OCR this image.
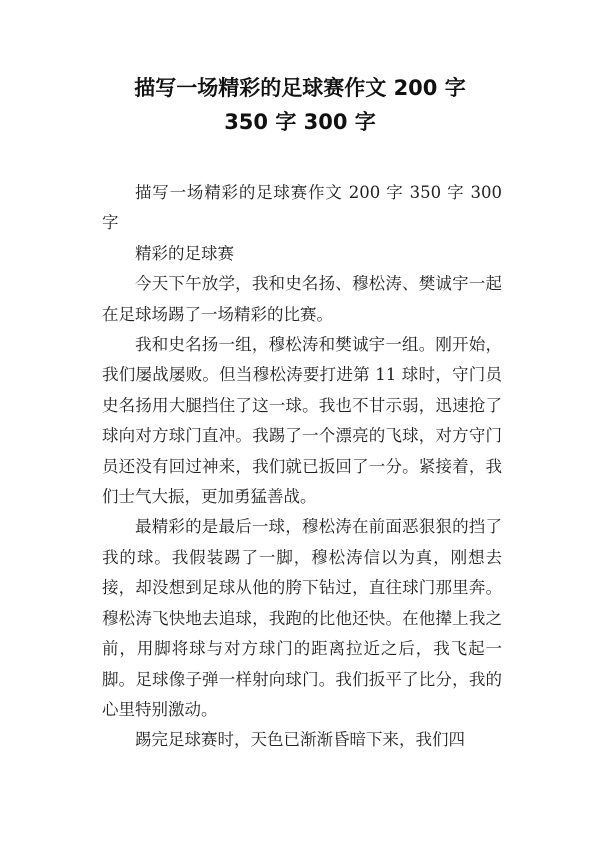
描写一场精彩的足球赛作文 200 字
350 字 300 字

描写一场精彩的足球赛作文 200 字 350 字 300 字

精彩的足球赛

今天下午放学，我和史名扬、穆松涛、樊诚宇一起在足球场踢了一场精彩的比赛。

我和史名扬一组，穆松涛和樊诚宇一组。刚开始，我们屡战屡败。但当穆松涛要打进第 11 球时，守门员史名扬用大腿挡住了这一球。我也不甘示弱，迅速抢了球向对方球门直冲。我踢了一个漂亮的飞球，对方守门员还没有回过神来，我们就已扳回了一分。紧接着，我们士气大振，更加勇猛善战。

最精彩的是最后一球，穆松涛在前面恶狠狠的挡了我的球。我假装踢了一脚，穆松涛信以为真，刚想去接，却没想到足球从他的胯下钻过，直往球门那里奔。穆松涛飞快地去追球，我跑的比他还快。在他撵上我之前，用脚将球与对方球门的距离拉近之后，我飞起一脚。足球像子弹一样射向球门。我们扳平了比分，我的心里特别激动。

踢完足球赛时，天色已渐渐昏暗下来，我们四
